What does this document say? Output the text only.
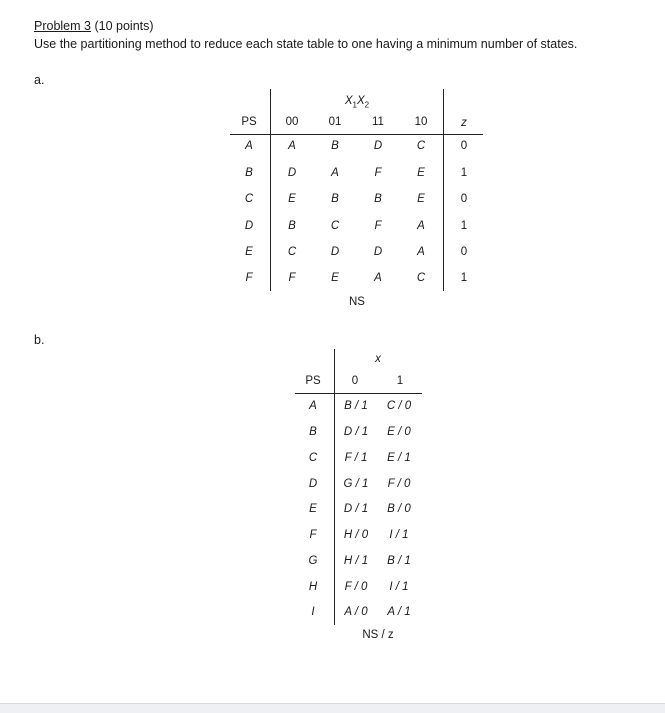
Problem 3 (10 points)
Use the partitioning method to reduce each state table to one having a minimum number of states.
a.
$X_1X_2$
PS	00	01	11	10	z
A	A	B	D	C	0
B	D	A	F	E	1
C	E	B	B	E	0
D	B	C	F	A	1
E	C	D	D	A	0
F	F	E	A	C	1
NS
b.
x
PS	0	1
A	B / 1	C / 0
B	D / 1	E / 0
C	F / 1	E / 1
D	G / 1	F / 0
E	D / 1	B / 0
F	H / 0	I / 1
G	H / 1	B / 1
H	F / 0	I / 1
I	A / 0	A / 1
NS / z
